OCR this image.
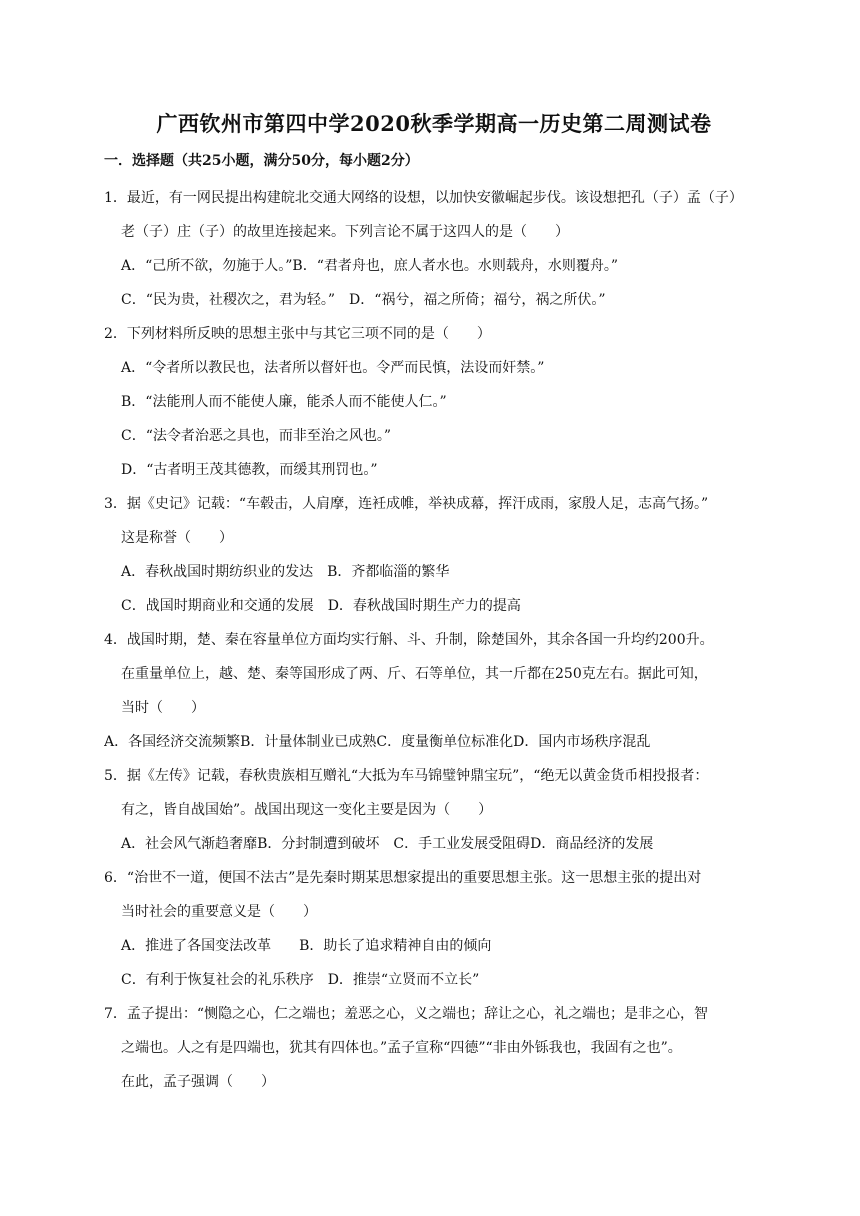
广西钦州市第四中学2020秋季学期高一历史第二周测试卷
一．选择题（共25小题，满分50分，每小题2分）
1．最近，有一网民提出构建皖北交通大网络的设想，以加快安徽崛起步伐。该设想把孔（子）孟（子）
老（子）庄（子）的故里连接起来。下列言论不属于这四人的是（　　）
A．“己所不欲，勿施于人。”B．“君者舟也，庶人者水也。水则载舟，水则覆舟。”
C．“民为贵，社稷次之，君为轻。”　D．“祸兮，福之所倚；福兮，祸之所伏。”
2．下列材料所反映的思想主张中与其它三项不同的是（　　）
A．“令者所以教民也，法者所以督奸也。令严而民慎，法设而奸禁。”
B．“法能刑人而不能使人廉，能杀人而不能使人仁。”
C．“法令者治恶之具也，而非至治之风也。”
D．“古者明王茂其德教，而缓其刑罚也。”
3．据《史记》记载：“车毂击，人肩摩，连衽成帷，举袂成幕，挥汗成雨，家殷人足，志高气扬。”
这是称誉（　　）
A．春秋战国时期纺织业的发达　B．齐都临淄的繁华
C．战国时期商业和交通的发展　D．春秋战国时期生产力的提高
4．战国时期，楚、秦在容量单位方面均实行斛、斗、升制，除楚国外，其余各国一升均约200升。
在重量单位上，越、楚、秦等国形成了两、斤、石等单位，其一斤都在250克左右。据此可知，
当时（　　）
A．各国经济交流频繁B．计量体制业已成熟C．度量衡单位标准化D．国内市场秩序混乱
5．据《左传》记载，春秋贵族相互赠礼“大抵为车马锦璧钟鼎宝玩”，“绝无以黄金货币相投报者：
有之，皆自战国始”。战国出现这一变化主要是因为（　　）
A．社会风气渐趋奢靡B．分封制遭到破坏　C．手工业发展受阻碍D．商品经济的发展
6．“治世不一道，便国不法古”是先秦时期某思想家提出的重要思想主张。这一思想主张的提出对
当时社会的重要意义是（　　）
A．推进了各国变法改革　　B．助长了追求精神自由的倾向
C．有利于恢复社会的礼乐秩序　D．推崇“立贤而不立长”
7．孟子提出：“恻隐之心，仁之端也；羞恶之心，义之端也；辞让之心，礼之端也；是非之心，智
之端也。人之有是四端也，犹其有四体也。”孟子宣称“四德”“非由外铄我也，我固有之也”。
在此，孟子强调（　　）
